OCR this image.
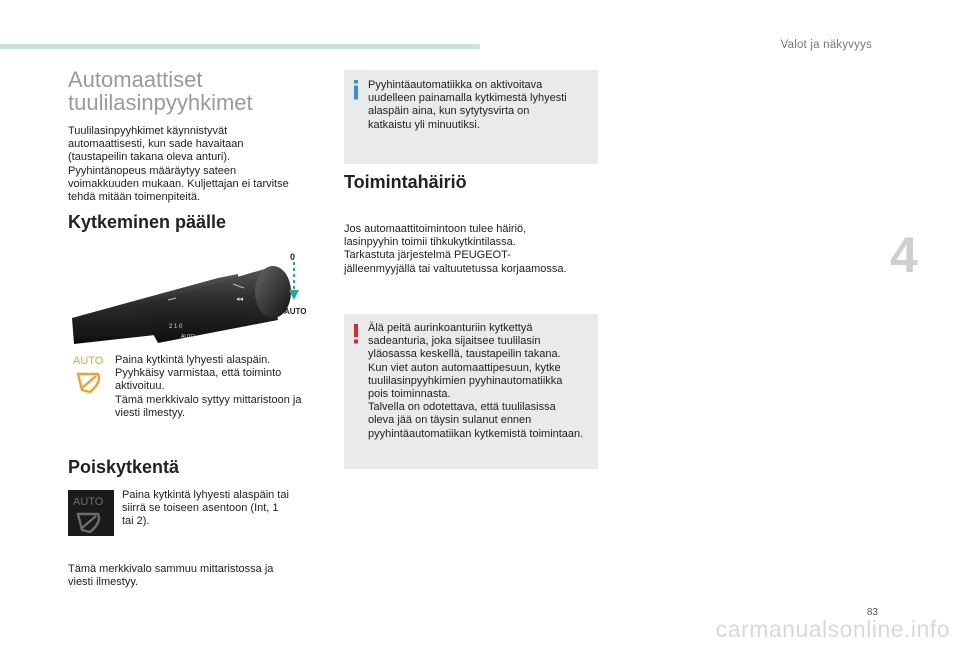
Valot ja näkyvyys
4
83
carmanualsonline.info
Automaattiset
tuulilasinpyyhkimet

Tuulilasinpyyhkimet käynnistyvät
automaattisesti, kun sade havaitaan
(taustapeilin takana oleva anturi).
Pyyhintänopeus määräytyy sateen
voimakkuuden mukaan. Kuljettajan ei tarvitse
tehdä mitään toimenpiteitä.

Kytkeminen päälle
2 1 0
AUTO
◂◂
0
AUTO
AUTO Paina kytkintä lyhyesti alaspäin.
Pyyhkäisy varmistaa, että toiminto
aktivoituu.
Tämä merkkivalo syttyy mittaristoon ja
viesti ilmestyy.

Poiskytkentä
AUTO

Paina kytkintä lyhyesti alaspäin tai
siirrä se toiseen asentoon (Int, 1
tai 2).

Tämä merkkivalo sammuu mittaristossa ja
viesti ilmestyy.

Pyyhintäautomatiikka on aktivoitava
uudelleen painamalla kytkimestä lyhyesti
alaspäin aina, kun sytytysvirta on
katkaistu yli minuutiksi.

Toimintahäiriö

Jos automaattitoimintoon tulee häiriö,
lasinpyyhin toimii tihkukytkintilassa.
Tarkastuta järjestelmä PEUGEOT-
jälleenmyyjällä tai valtuutetussa korjaamossa.

Älä peitä aurinkoanturiin kytkettyä
sadeanturia, joka sijaitsee tuulilasin
yläosassa keskellä, taustapeilin takana.
Kun viet auton automaattipesuun, kytke
tuulilasinpyyhkimien pyyhinautomatiikka
pois toiminnasta.
Talvella on odotettava, että tuulilasissa
oleva jää on täysin sulanut ennen
pyyhintäautomatiikan kytkemistä toimintaan.
